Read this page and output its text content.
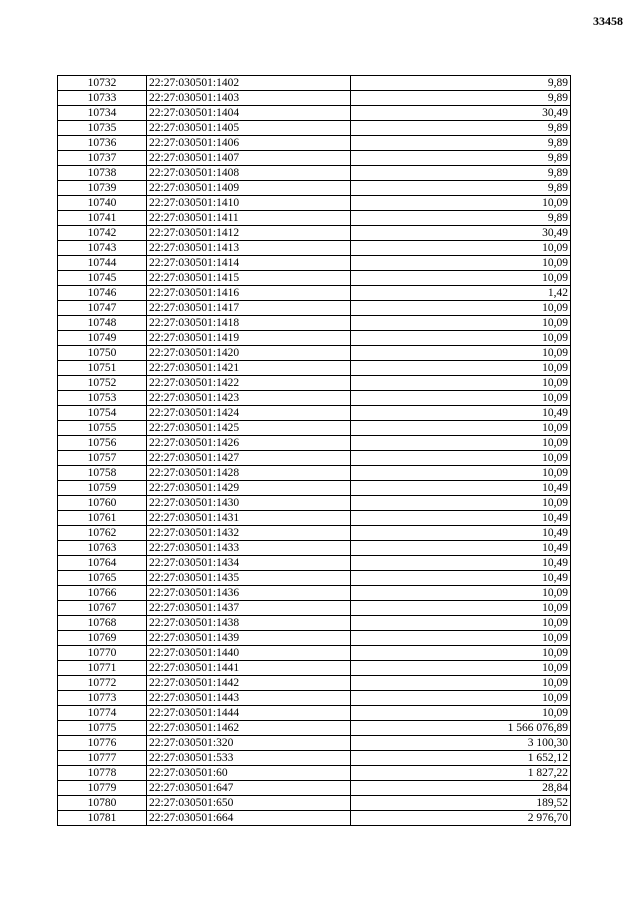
33458
10732	22:27:030501:1402	9,89
10733	22:27:030501:1403	9,89
10734	22:27:030501:1404	30,49
10735	22:27:030501:1405	9,89
10736	22:27:030501:1406	9,89
10737	22:27:030501:1407	9,89
10738	22:27:030501:1408	9,89
10739	22:27:030501:1409	9,89
10740	22:27:030501:1410	10,09
10741	22:27:030501:1411	9,89
10742	22:27:030501:1412	30,49
10743	22:27:030501:1413	10,09
10744	22:27:030501:1414	10,09
10745	22:27:030501:1415	10,09
10746	22:27:030501:1416	1,42
10747	22:27:030501:1417	10,09
10748	22:27:030501:1418	10,09
10749	22:27:030501:1419	10,09
10750	22:27:030501:1420	10,09
10751	22:27:030501:1421	10,09
10752	22:27:030501:1422	10,09
10753	22:27:030501:1423	10,09
10754	22:27:030501:1424	10,49
10755	22:27:030501:1425	10,09
10756	22:27:030501:1426	10,09
10757	22:27:030501:1427	10,09
10758	22:27:030501:1428	10,09
10759	22:27:030501:1429	10,49
10760	22:27:030501:1430	10,09
10761	22:27:030501:1431	10,49
10762	22:27:030501:1432	10,49
10763	22:27:030501:1433	10,49
10764	22:27:030501:1434	10,49
10765	22:27:030501:1435	10,49
10766	22:27:030501:1436	10,09
10767	22:27:030501:1437	10,09
10768	22:27:030501:1438	10,09
10769	22:27:030501:1439	10,09
10770	22:27:030501:1440	10,09
10771	22:27:030501:1441	10,09
10772	22:27:030501:1442	10,09
10773	22:27:030501:1443	10,09
10774	22:27:030501:1444	10,09
10775	22:27:030501:1462	1 566 076,89
10776	22:27:030501:320	3 100,30
10777	22:27:030501:533	1 652,12
10778	22:27:030501:60	1 827,22
10779	22:27:030501:647	28,84
10780	22:27:030501:650	189,52
10781	22:27:030501:664	2 976,70
